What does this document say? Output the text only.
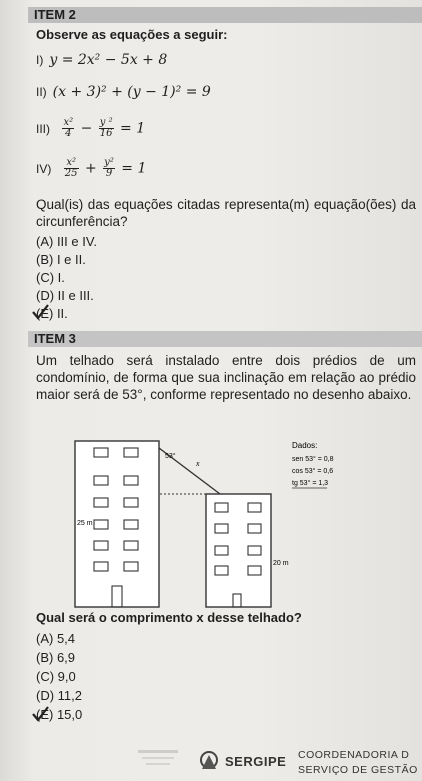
ITEM 2
Observe as equações a seguir:
I) y = 2x² − 5x + 8
II) (x + 3)² + (y − 1)² = 9
$III) \frac{\text{x²}}{4} - \frac{\text{y ²}}{16} = 1$
$IV) \frac{\text{x²}}{25} + \frac{\text{y²}}{9} = 1$
Qual(is) das equações citadas representa(m) equação(ões) da circunferência?
(A) III e IV.
(B) I e II.
(C) I.
(D) II e III.
(E) II.
ITEM 3
Um telhado será instalado entre dois prédios de um condomínio, de forma que sua inclinação em relação ao prédio maior será de 53°, conforme representado no desenho abaixo.
53°
x
25 m
20 m
Dados:
sen 53° = 0,8
cos 53° = 0,6
tg 53° = 1,3
Qual será o comprimento x desse telhado?
(A) 5,4
(B) 6,9
(C) 9,0
(D) 11,2
(E) 15,0
SERGIPE COORDENADORIA D
SERVIÇO DE GESTÃO
